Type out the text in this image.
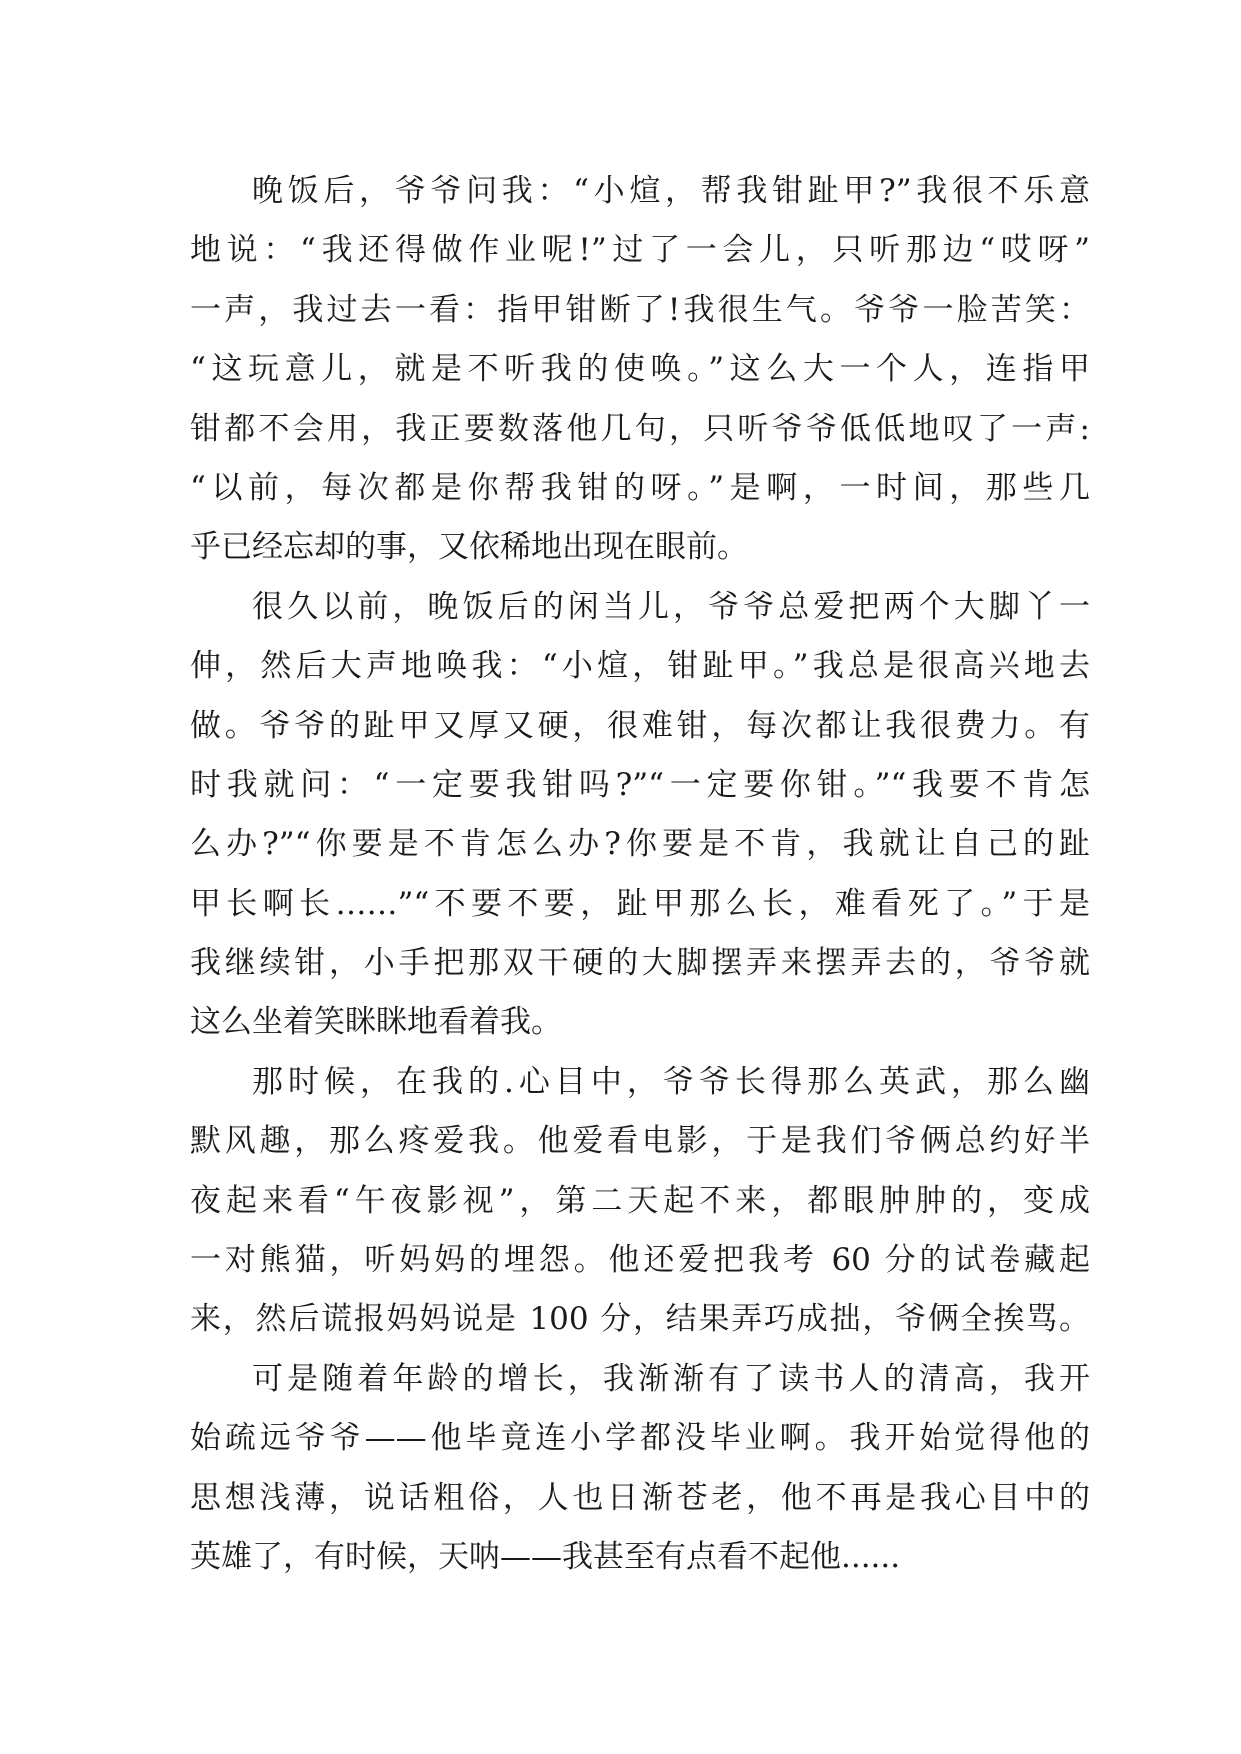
晚饭后，爷爷问我：“小煊，帮我钳趾甲?”我很不乐意
地说：“我还得做作业呢!”过了一会儿，只听那边“哎呀”
一声，我过去一看：指甲钳断了!我很生气。爷爷一脸苦笑：
“这玩意儿，就是不听我的使唤。”这么大一个人，连指甲
钳都不会用，我正要数落他几句，只听爷爷低低地叹了一声:
“以前，每次都是你帮我钳的呀。”是啊，一时间，那些几
乎已经忘却的事，又依稀地出现在眼前。
很久以前，晚饭后的闲当儿，爷爷总爱把两个大脚丫一
伸，然后大声地唤我：“小煊，钳趾甲。”我总是很高兴地去
做。爷爷的趾甲又厚又硬，很难钳，每次都让我很费力。有
时我就问：“一定要我钳吗?”“一定要你钳。”“我要不肯怎
么办?”“你要是不肯怎么办?你要是不肯，我就让自己的趾
甲长啊长……”“不要不要，趾甲那么长，难看死了。”于是
我继续钳，小手把那双干硬的大脚摆弄来摆弄去的，爷爷就
这么坐着笑眯眯地看着我。
那时候，在我的.心目中，爷爷长得那么英武，那么幽
默风趣，那么疼爱我。他爱看电影，于是我们爷俩总约好半
夜起来看“午夜影视”，第二天起不来，都眼肿肿的，变成
一对熊猫，听妈妈的埋怨。他还爱把我考 60 分的试卷藏起
来，然后谎报妈妈说是 100 分，结果弄巧成拙，爷俩全挨骂。
可是随着年龄的增长，我渐渐有了读书人的清高，我开
始疏远爷爷——他毕竟连小学都没毕业啊。我开始觉得他的
思想浅薄，说话粗俗，人也日渐苍老，他不再是我心目中的
英雄了，有时候，天呐——我甚至有点看不起他......
